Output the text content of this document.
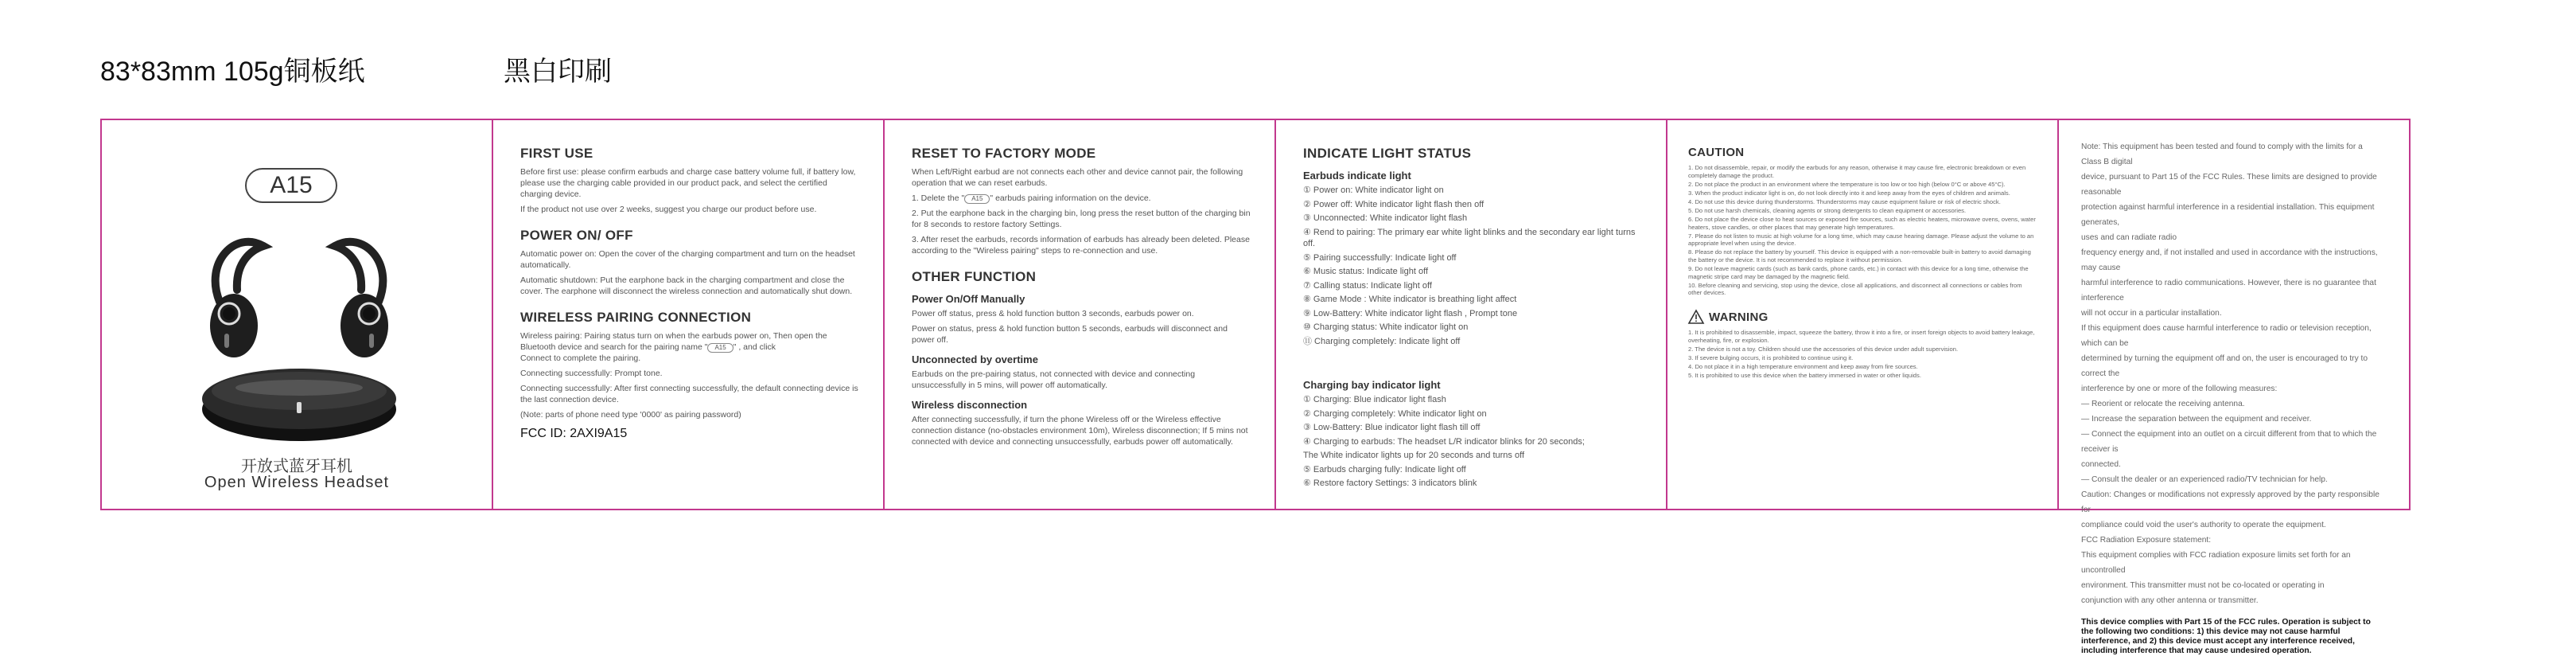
83*83mm 105g铜板纸	黑白印刷
A15
开放式蓝牙耳机
Open Wireless Headset
FIRST USE

Before first use: please confirm earbuds and charge case battery volume full, if battery low, please use the charging cable provided in our product pack, and select the certified charging device.

If the product not use over 2 weeks, suggest you charge our product before use.

POWER ON/ OFF

Automatic power on: Open the cover of the charging compartment and turn on the headset automatically.

Automatic shutdown: Put the earphone back in the charging compartment and close the cover. The earphone will disconnect the wireless connection and automatically shut down.

WIRELESS PAIRING CONNECTION

Wireless pairing: Pairing status turn on when the earbuds power on, Then open the Bluetooth device and search for the pairing name " A15 " , and click
Connect to complete the pairing.

Connecting successfully: Prompt tone.

Connecting successfully: After first connecting successfully, the default connecting device is the last connection device.

(Note: parts of phone need type '0000' as pairing password)

FCC ID: 2AXI9A15
RESET TO FACTORY MODE

When Left/Right earbud are not connects each other and device cannot pair, the following operation that we can reset earbuds.

1. Delete the " A15 " earbuds pairing information on the device.

2. Put the earphone back in the charging bin, long press the reset button of the charging bin for 8 seconds to restore factory Settings.

3. After reset the earbuds, records information of earbuds has already been deleted. Please according to the "Wireless pairing" steps to re-connection and use.

OTHER FUNCTION
Power On/Off Manually

Power off status, press & hold function button 3 seconds, earbuds power on.

Power on status, press & hold function button 5 seconds, earbuds will disconnect and power off.

Unconnected by overtime

Earbuds on the pre-pairing status, not connected with device and connecting unsuccessfully in 5 mins, will power off automatically.

Wireless disconnection

After connecting successfully, if turn the phone Wireless off or the Wireless effective connection distance (no-obstacles environment 10m), Wireless disconnection; If 5 mins not connected with device and connecting unsuccessfully, earbuds power off automatically.

INDICATE LIGHT STATUS
Earbuds indicate light

① Power on: White indicator light on

② Power off: White indicator light flash then off

③ Unconnected: White indicator light flash

④ Rend to pairing: The primary ear white light blinks and the secondary ear light turns off.

⑤ Pairing successfully: Indicate light off

⑥ Music status: Indicate light off

⑦ Calling status: Indicate light off

⑧ Game Mode : White indicator is breathing light affect

⑨ Low-Battery: White indicator light flash , Prompt tone

⑩ Charging status: White indicator light on

⑪ Charging completely: Indicate light off

Charging bay indicator light

① Charging: Blue indicator light flash

② Charging completely: White indicator light on

③ Low-Battery: Blue indicator light flash till off

④ Charging to earbuds: The headset L/R indicator blinks for 20 seconds;

The White indicator lights up for 20 seconds and turns off

⑤ Earbuds charging fully: Indicate light off

⑥ Restore factory Settings: 3 indicators blink

CAUTION

1. Do not disassemble, repair, or modify the earbuds for any reason, otherwise it may cause fire, electronic breakdown or even completely damage the product.

2. Do not place the product in an environment where the temperature is too low or too high (below 0°C or above 45°C).

3. When the product indicator light is on, do not look directly into it and keep away from the eyes of children and animals.

4. Do not use this device during thunderstorms. Thunderstorms may cause equipment failure or risk of electric shock.

5. Do not use harsh chemicals, cleaning agents or strong detergents to clean equipment or accessories.

6. Do not place the device close to heat sources or exposed fire sources, such as electric heaters, microwave ovens, ovens, water heaters, stove candles, or other places that may generate high temperatures.

7. Please do not listen to music at high volume for a long time, which may cause hearing damage. Please adjust the volume to an appropriate level when using the device.

8. Please do not replace the battery by yourself. This device is equipped with a non-removable built-in battery to avoid damaging the battery or the device. It is not recommended to replace it without permission.

9. Do not leave magnetic cards (such as bank cards, phone cards, etc.) in contact with this device for a long time, otherwise the magnetic stripe card may be damaged by the magnetic field.

10. Before cleaning and servicing, stop using the device, close all applications, and disconnect all connections or cables from other devices.

WARNING

1. It is prohibited to disassemble, impact, squeeze the battery, throw it into a fire, or insert foreign objects to avoid battery leakage, overheating, fire, or explosion.

2. The device is not a toy. Children should use the accessories of this device under adult supervision.

3. If severe bulging occurs, it is prohibited to continue using it.

4. Do not place it in a high temperature environment and keep away from fire sources.

5. It is prohibited to use this device when the battery immersed in water or other liquids.

Note: This equipment has been tested and found to comply with the limits for a Class B digital

device, pursuant to Part 15 of the FCC Rules. These limits are designed to provide reasonable

protection against harmful interference in a residential installation. This equipment generates,

uses and can radiate radio

frequency energy and, if not installed and used in accordance with the instructions, may cause

harmful interference to radio communications. However, there is no guarantee that interference

will not occur in a particular installation.

If this equipment does cause harmful interference to radio or television reception, which can be

determined by turning the equipment off and on, the user is encouraged to try to correct the

interference by one or more of the following measures:

— Reorient or relocate the receiving antenna.

— Increase the separation between the equipment and receiver.

— Connect the equipment into an outlet on a circuit different from that to which the receiver is

connected.

— Consult the dealer or an experienced radio/TV technician for help.

Caution: Changes or modifications not expressly approved by the party responsible for

compliance could void the user's authority to operate the equipment.

FCC Radiation Exposure statement:

This equipment complies with FCC radiation exposure limits set forth for an uncontrolled

environment. This transmitter must not be co-located or operating in

conjunction with any other antenna or transmitter.

This device complies with Part 15 of the FCC rules. Operation is subject to the following two conditions: 1) this device may not cause harmful interference, and 2) this device must accept any interference received, including interference that may cause undesired operation.
